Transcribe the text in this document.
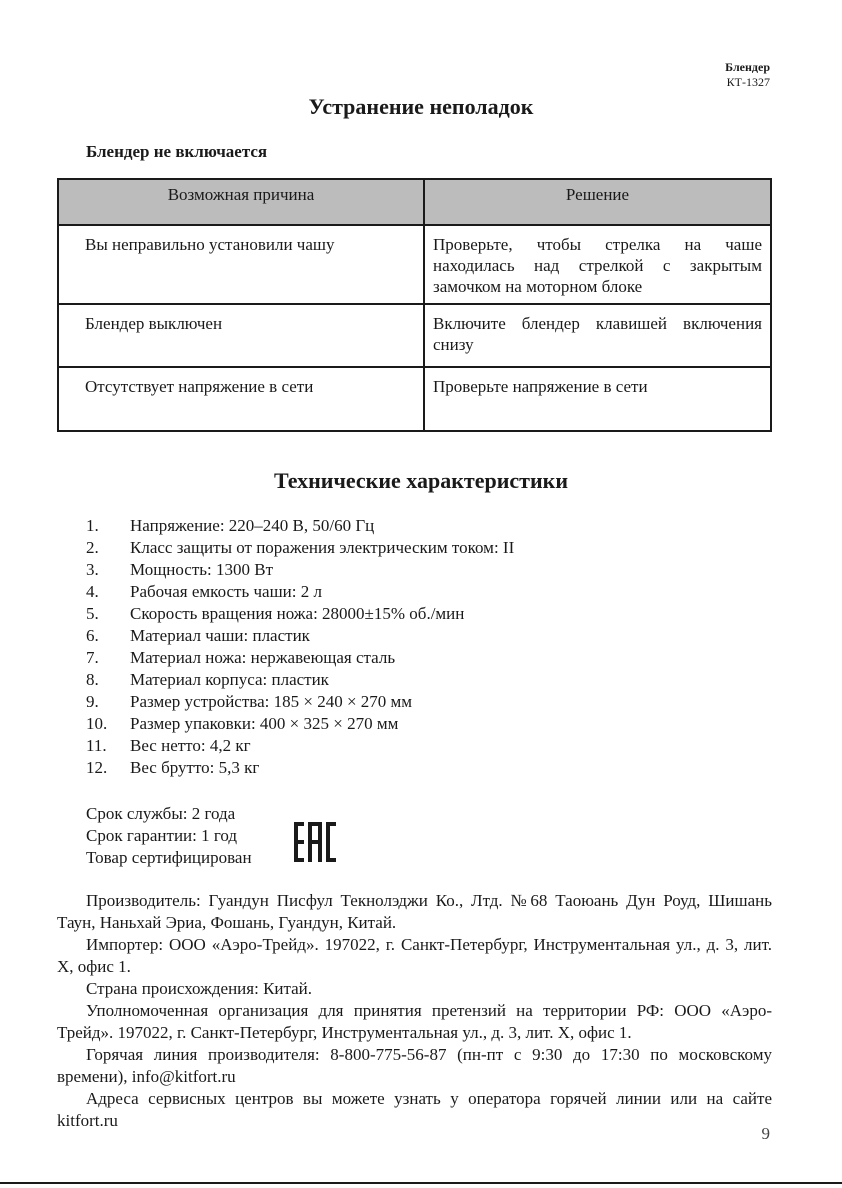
Блендер
КТ-1327
Устранение неполадок
Блендер не включается
Возможная причина	Решение
Вы неправильно установили чашу	Проверьте, чтобы стрелка на чаше находилась над стрелкой с закрытым замочком на моторном блоке
Блендер выключен	Включите блендер клавишей включения снизу
Отсутствует напряжение в сети	Проверьте напряжение в сети
Технические характеристики
1.	Напряжение: 220–240 В, 50/60 Гц
2.	Класс защиты от поражения электрическим током: II
3.	Мощность: 1300 Вт
4.	Рабочая емкость чаши: 2 л
5.	Скорость вращения ножа: 28000±15% об./мин
6.	Материал чаши: пластик
7.	Материал ножа: нержавеющая сталь
8.	Материал корпуса: пластик
9.	Размер устройства: 185 × 240 × 270 мм
10.	Размер упаковки: 400 × 325 × 270 мм
11.	Вес нетто: 4,2 кг
12.	Вес брутто: 5,3 кг
Срок службы: 2 года
Срок гарантии: 1 год
Товар сертифицирован

Производитель: Гуандун Писфул Текнолэджи Ко., Лтд. №68 Таоюань Дун Роуд, Шишань Таун, Наньхай Эриа, Фошань, Гуандун, Китай.

Импортер: ООО «Аэро-Трейд». 197022, г. Санкт-Петербург, Инструментальная ул., д. 3, лит. Х, офис 1.

Страна происхождения: Китай.

Уполномоченная организация для принятия претензий на территории РФ: ООО «Аэро-Трейд». 197022, г. Санкт-Петербург, Инструментальная ул., д. 3, лит. Х, офис 1.

Горячая линия производителя: 8-800-775-56-87 (пн-пт с 9:30 до 17:30 по московскому времени), info@kitfort.ru

Адреса сервисных центров вы можете узнать у оператора горячей линии или на сайте kitfort.ru

9
